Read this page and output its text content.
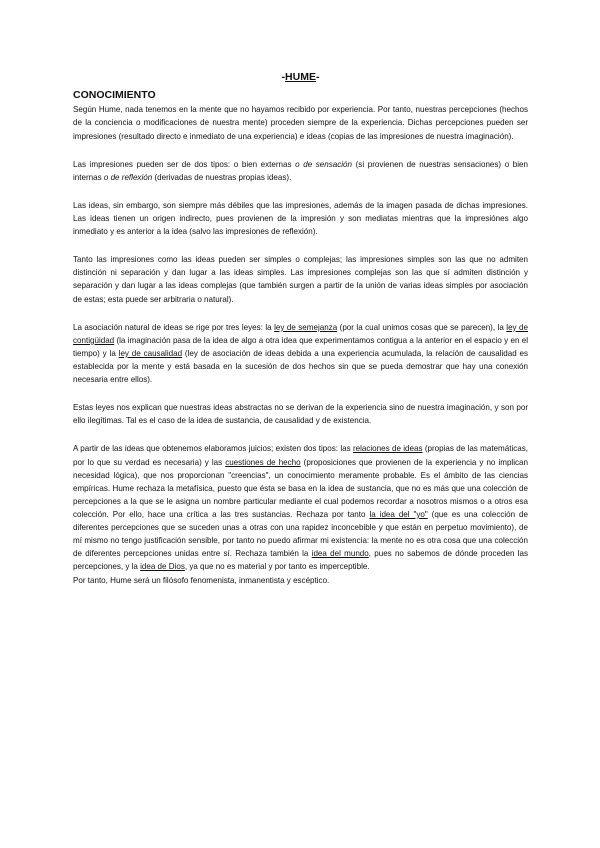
-HUME-
CONOCIMIENTO

Según Hume, nada tenemos en la mente que no hayamos recibido por experiencia. Por tanto, nuestras percepciones (hechos de la conciencia o modificaciones de nuestra mente) proceden siempre de la experiencia. Dichas percepciones pueden ser impresiones (resultado directo e inmediato de una experiencia) e ideas (copias de las impresiones de nuestra imaginación).

Las impresiones pueden ser de dos tipos: o bien externas o de sensación (si provienen de nuestras sensaciones) o bien internas o de reflexión (derivadas de nuestras propias ideas).

Las ideas, sin embargo, son siempre más débiles que las impresiones, además de la imagen pasada de dichas impresiones. Las ideas tienen un origen indirecto, pues provienen de la impresión y son mediatas mientras que la impresiónes algo inmediato y es anterior a la idea (salvo las impresiones de reflexión).

Tanto las impresiones como las ideas pueden ser simples o complejas; las impresiones simples son las que no admiten distinción ni separación y dan lugar a las ideas simples. Las impresiones complejas son las que sí admiten distinción y separación y dan lugar a las ideas complejas (que también surgen a partir de la unión de varias ideas simples por asociación de estas; esta puede ser arbitraria o natural).

La asociación natural de ideas se rige por tres leyes: la ley de semejanza (por la cual unimos cosas que se parecen), la ley de contigüidad (la imaginación pasa de la idea de algo a otra idea que experimentamos contigua a la anterior en el espacio y en el tiempo) y la ley de causalidad (ley de asociación de ideas debida a una experiencia acumulada, la relación de causalidad es establecida por la mente y está basada en la sucesión de dos hechos sin que se pueda demostrar que hay una conexión necesaria entre ellos).

Estas leyes nos explican que nuestras ideas abstractas no se derivan de la experiencia sino de nuestra imaginación, y son por ello ilegítimas. Tal es el caso de la idea de sustancia, de causalidad y de existencia.

A partir de las ideas que obtenemos elaboramos juicios; existen dos tipos: las relaciones de ideas (propias de las matemáticas, por lo que su verdad es necesaria) y las cuestiones de hecho (proposiciones que provienen de la experiencia y no implican necesidad lógica), que nos proporcionan "creencias", un conocimiento meramente probable. Es el ámbito de las ciencias empíricas. Hume rechaza la metafísica, puesto que ésta se basa en la idea de sustancia, que no es más que una colección de percepciones a la que se le asigna un nombre particular mediante el cual podemos recordar a nosotros mismos o a otros esa colección. Por ello, hace una crítica a las tres sustancias. Rechaza por tanto la idea del "yo" (que es una colección de diferentes percepciones que se suceden unas a otras con una rapidez inconcebible y que están en perpetuo movimiento), de mí mismo no tengo justificación sensible, por tanto no puedo afirmar mi existencia: la mente no es otra cosa que una colección de diferentes percepciones unidas entre sí. Rechaza también la idea del mundo, pues no sabemos de dónde proceden las percepciones, y la idea de Dios, ya que no es material y por tanto es imperceptible.

Por tanto, Hume será un filósofo fenomenista, inmanentista y escéptico.
